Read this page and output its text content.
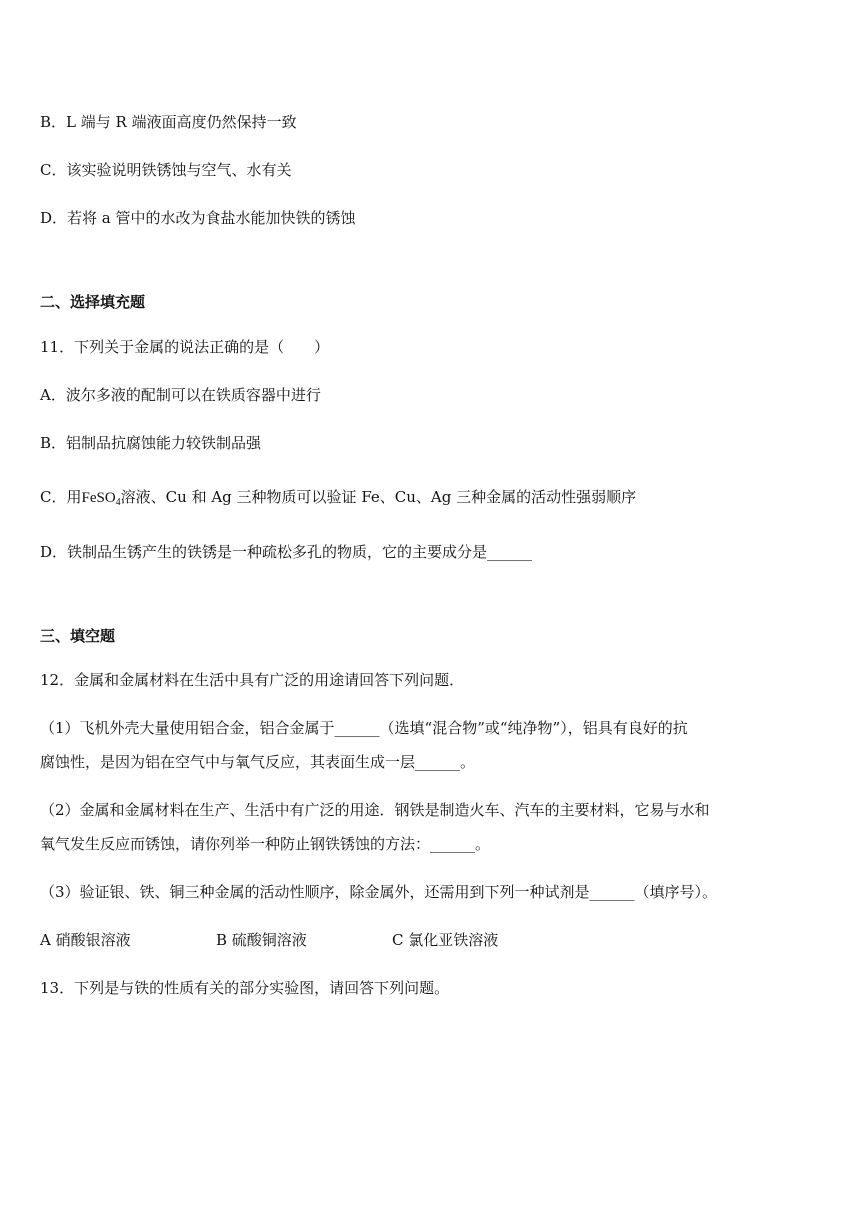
B．L 端与 R 端液面高度仍然保持一致
C．该实验说明铁锈蚀与空气、水有关
D．若将 a 管中的水改为食盐水能加快铁的锈蚀
二、选择填充题
11．下列关于金属的说法正确的是（　　）
A．波尔多液的配制可以在铁质容器中进行
B．铝制品抗腐蚀能力较铁制品强
C．用FeSO$_4$溶液、Cu 和 Ag 三种物质可以验证 Fe、Cu、Ag 三种金属的活动性强弱顺序
D．铁制品生锈产生的铁锈是一种疏松多孔的物质，它的主要成分是______
三、填空题
12．金属和金属材料在生活中具有广泛的用途请回答下列问题．
（1）飞机外壳大量使用铝合金，铝合金属于______（选填“混合物”或“纯净物”），铝具有良好的抗
腐蚀性，是因为铝在空气中与氧气反应，其表面生成一层______。
（2）金属和金属材料在生产、生活中有广泛的用途．钢铁是制造火车、汽车的主要材料，它易与水和
氧气发生反应而锈蚀，请你列举一种防止钢铁锈蚀的方法：______。
（3）验证银、铁、铜三种金属的活动性顺序，除金属外，还需用到下列一种试剂是______（填序号）。
A 硝酸银溶液	B 硫酸铜溶液	C 氯化亚铁溶液
13．下列是与铁的性质有关的部分实验图，请回答下列问题。
